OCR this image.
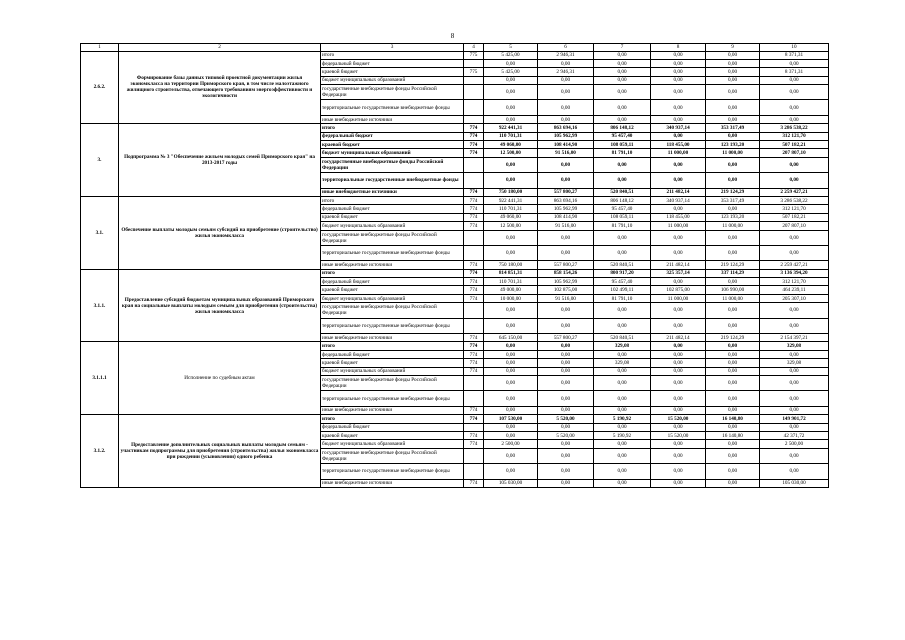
8
1	2	3	4	5	6	7	8	9	10
2.6.2.	Формирование базы данных типовой проектной документации жилья экономкласса на территории Приморского края, в том числе малоэтажного жилищного строительства, отвечающего требованиям энергоэффективности и экологичности	итого	775	5 425,00	2 946,31	0,00	0,00	0,00	8 371,31
		федеральный бюджет		0,00	0,00	0,00	0,00	0,00	0,00
		краевой бюджет	775	5 425,00	2 946,31	0,00	0,00	0,00	8 371,31
		бюджет муниципальных образований		0,00	0,00	0,00	0,00	0,00	0,00
		государственные внебюджетные фонды Российской Федерации		0,00	0,00	0,00	0,00	0,00	0,00
		территориальные государственные внебюджетные фонды		0,00	0,00	0,00	0,00	0,00	0,00
		иные внебюджетные источники		0,00	0,00	0,00	0,00	0,00	0,00
3.	Подпрограмма № 3 "Обеспечение жильем молодых семей Приморского края" на 2013-2017 годы	итого	774	922 441,31	863 694,16	806 148,12	340 937,14	353 317,49	3 286 538,22
		федеральный бюджет	774	110 701,31	105 962,99	95 457,40	0,00	0,00	312 121,70
		краевой бюджет	774	49 060,00	108 414,90	108 059,11	118 455,00	123 193,20	507 182,21
		бюджет муниципальных образований	774	12 500,00	91 516,00	81 791,10	11 000,00	11 000,00	207 807,10
		государственные внебюджетные фонды Российской Федерации		0,00	0,00	0,00	0,00	0,00	0,00
		территориальные государственные внебюджетные фонды		0,00	0,00	0,00	0,00	0,00	0,00
		иные внебюджетные источники	774	750 180,00	557 800,27	520 840,51	211 482,14	219 124,29	2 259 427,21
3.1.	Обеспечение выплаты молодым семьям субсидий на приобретение (строительство) жилья экономкласса	итого	774	922 441,31	863 694,16	806 148,12	340 937,14	353 317,49	3 286 538,22
		федеральный бюджет	774	110 701,31	105 962,99	95 457,40	0,00	0,00	312 121,70
		краевой бюджет	774	49 060,00	108 414,90	108 059,11	118 455,00	123 193,20	507 182,21
		бюджет муниципальных образований	774	12 500,00	91 516,00	81 791,10	11 000,00	11 000,00	207 807,10
		государственные внебюджетные фонды Российской Федерации		0,00	0,00	0,00	0,00	0,00	0,00
		территориальные государственные внебюджетные фонды		0,00	0,00	0,00	0,00	0,00	0,00
		иные внебюджетные источники	774	750 180,00	557 800,27	520 840,51	211 482,14	219 124,29	2 259 427,21
3.1.1.	Предоставление субсидий бюджетам муниципальных образований Приморского края на социальные выплаты молодым семьям для приобретения (строительства) жилья экономкласса	итого	774	814 851,31	858 154,26	800 917,20	325 357,14	337 114,29	3 136 394,20
		федеральный бюджет	774	110 701,31	105 962,99	95 457,40	0,00	0,00	312 121,70
		краевой бюджет	774	49 000,00	102 875,00	102 499,11	102 875,00	106 990,00	464 239,11
		бюджет муниципальных образований	774	10 000,00	91 516,00	81 791,10	11 000,00	11 000,00	205 307,10
		государственные внебюджетные фонды Российской Федерации		0,00	0,00	0,00	0,00	0,00	0,00
		территориальные государственные внебюджетные фонды		0,00	0,00	0,00	0,00	0,00	0,00
		иные внебюджетные источники	774	645 150,00	557 800,27	520 840,51	211 482,14	219 124,29	2 154 397,21
3.1.1.1	Исполнение по судебным актам	итого	774	0,00	0,00	329,08	0,00	0,00	329,08
		федеральный бюджет	774	0,00	0,00	0,00	0,00	0,00	0,00
		краевой бюджет	774	0,00	0,00	329,08	0,00	0,00	329,08
		бюджет муниципальных образований	774	0,00	0,00	0,00	0,00	0,00	0,00
		государственные внебюджетные фонды Российской Федерации		0,00	0,00	0,00	0,00	0,00	0,00
		территориальные государственные внебюджетные фонды		0,00	0,00	0,00	0,00	0,00	0,00
		иные внебюджетные источники	774	0,00	0,00	0,00	0,00	0,00	0,00
3.1.2.	Предоставление дополнительных социальных выплаты молодым семьям - участникам подпрограммы для приобретения (строительства) жилья экономкласса при рождении (усыновлении) одного ребенка	итого	774	107 530,00	5 520,00	5 190,92	15 520,00	16 140,80	149 901,72
		федеральный бюджет		0,00	0,00	0,00	0,00	0,00	0,00
		краевой бюджет	774	0,00	5 520,00	5 190,92	15 520,00	16 140,80	42 371,72
		бюджет муниципальных образований	774	2 500,00	0,00	0,00	0,00	0,00	2 500,00
		государственные внебюджетные фонды Российской Федерации		0,00	0,00	0,00	0,00	0,00	0,00
		территориальные государственные внебюджетные фонды		0,00	0,00	0,00	0,00	0,00	0,00
		иные внебюджетные источники	774	105 030,00	0,00	0,00	0,00	0,00	105 030,00
